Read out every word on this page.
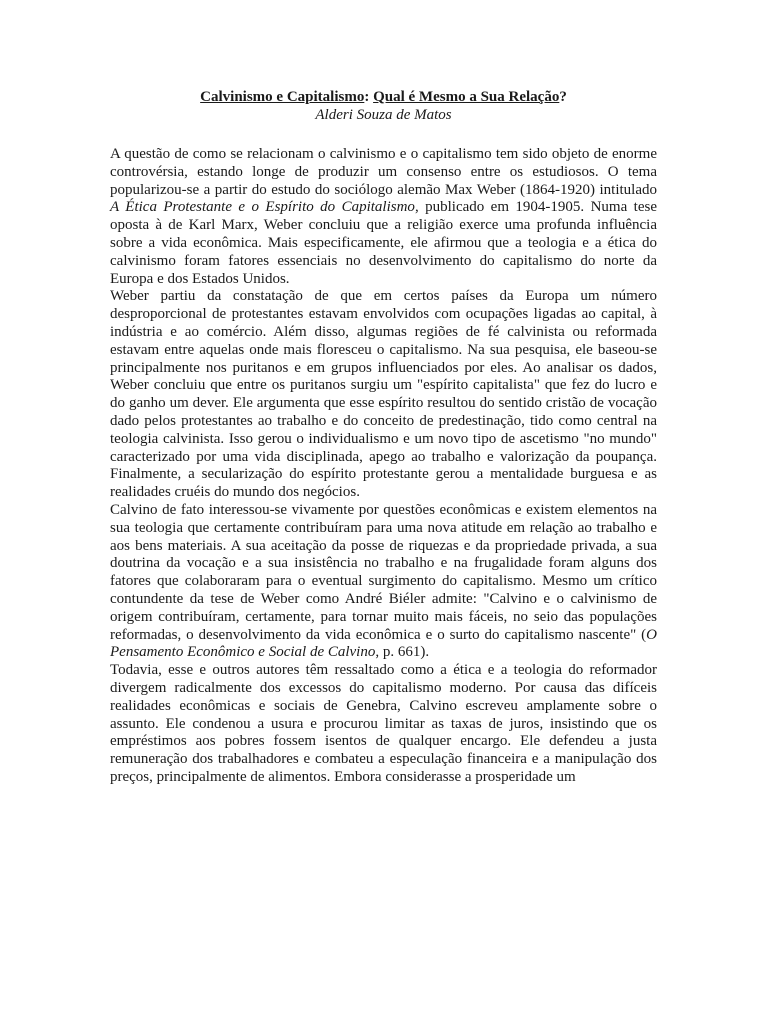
Calvinismo e Capitalismo: Qual é Mesmo a Sua Relação?
Alderi Souza de Matos

A questão de como se relacionam o calvinismo e o capitalismo tem sido objeto de enorme controvérsia, estando longe de produzir um consenso entre os estudiosos. O tema popularizou-se a partir do estudo do sociólogo alemão Max Weber (1864-1920) intitulado A Ética Protestante e o Espírito do Capitalismo, publicado em 1904-1905. Numa tese oposta à de Karl Marx, Weber concluiu que a religião exerce uma profunda influência sobre a vida econômica. Mais especificamente, ele afirmou que a teologia e a ética do calvinismo foram fatores essenciais no desenvolvimento do capitalismo do norte da Europa e dos Estados Unidos.

Weber partiu da constatação de que em certos países da Europa um número desproporcional de protestantes estavam envolvidos com ocupações ligadas ao capital, à indústria e ao comércio. Além disso, algumas regiões de fé calvinista ou reformada estavam entre aquelas onde mais floresceu o capitalismo. Na sua pesquisa, ele baseou-se principalmente nos puritanos e em grupos influenciados por eles. Ao analisar os dados, Weber concluiu que entre os puritanos surgiu um "espírito capitalista" que fez do lucro e do ganho um dever. Ele argumenta que esse espírito resultou do sentido cristão de vocação dado pelos protestantes ao trabalho e do conceito de predestinação, tido como central na teologia calvinista. Isso gerou o individualismo e um novo tipo de ascetismo "no mundo" caracterizado por uma vida disciplinada, apego ao trabalho e valorização da poupança. Finalmente, a secularização do espírito protestante gerou a mentalidade burguesa e as realidades cruéis do mundo dos negócios.

Calvino de fato interessou-se vivamente por questões econômicas e existem elementos na sua teologia que certamente contribuíram para uma nova atitude em relação ao trabalho e aos bens materiais. A sua aceitação da posse de riquezas e da propriedade privada, a sua doutrina da vocação e a sua insistência no trabalho e na frugalidade foram alguns dos fatores que colaboraram para o eventual surgimento do capitalismo. Mesmo um crítico contundente da tese de Weber como André Biéler admite: "Calvino e o calvinismo de origem contribuíram, certamente, para tornar muito mais fáceis, no seio das populações reformadas, o desenvolvimento da vida econômica e o surto do capitalismo nascente" (O Pensamento Econômico e Social de Calvino, p. 661).

Todavia, esse e outros autores têm ressaltado como a ética e a teologia do reformador divergem radicalmente dos excessos do capitalismo moderno. Por causa das difíceis realidades econômicas e sociais de Genebra, Calvino escreveu amplamente sobre o assunto. Ele condenou a usura e procurou limitar as taxas de juros, insistindo que os empréstimos aos pobres fossem isentos de qualquer encargo. Ele defendeu a justa remuneração dos trabalhadores e combateu a especulação financeira e a manipulação dos preços, principalmente de alimentos. Embora considerasse a prosperidade um
